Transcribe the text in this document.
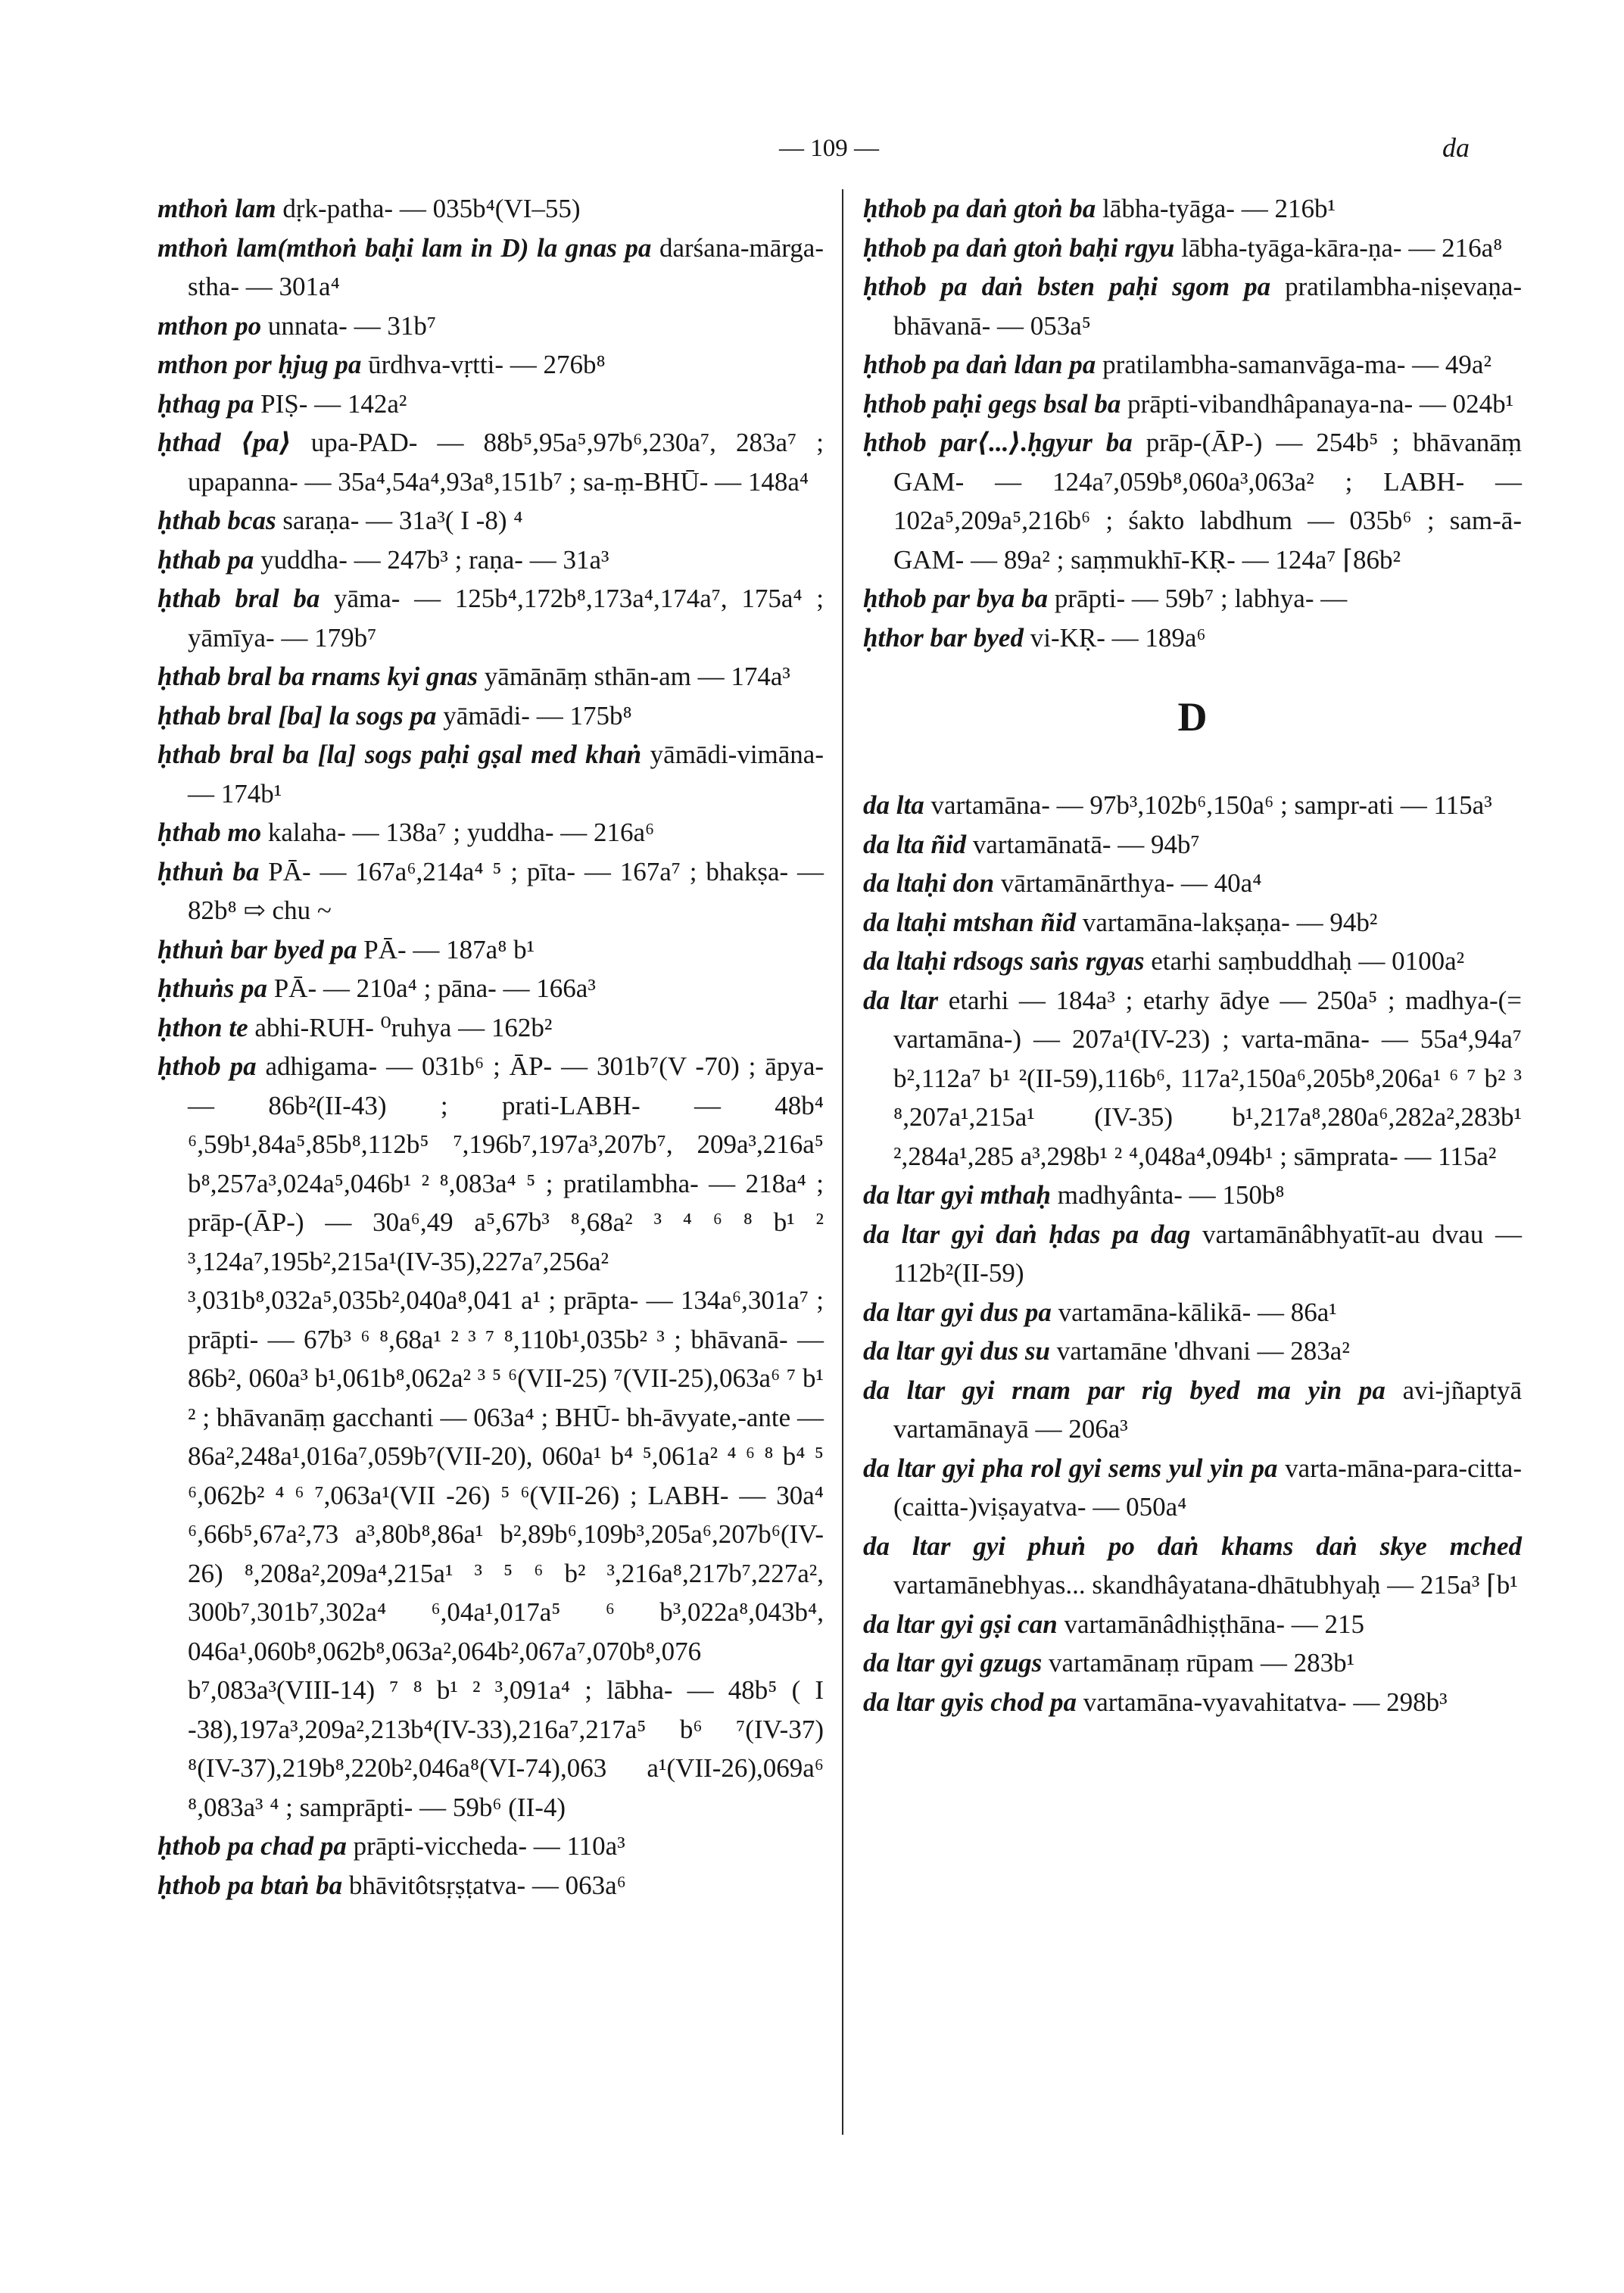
— 109 —	da

mthoṅ lam dṛk-patha- — 035b⁴(VI–55)

mthoṅ lam(mthoṅ baḥi lam in D) la gnas pa darśana-mārga-stha- — 301a⁴

mthon po unnata- — 31b⁷

mthon por ḥjug pa ūrdhva-vṛtti- — 276b⁸

ḥthag pa PIṢ- — 142a²

ḥthad ⟨pa⟩ upa-PAD- — 88b⁵,95a⁵,97b⁶,230a⁷, 283a⁷ ; upapanna- — 35a⁴,54a⁴,93a⁸,151b⁷ ; sa-ṃ-BHŪ- — 148a⁴

ḥthab bcas saraṇa- — 31a³( I -8) ⁴

ḥthab pa yuddha- — 247b³ ; raṇa- — 31a³

ḥthab bral ba yāma- — 125b⁴,172b⁸,173a⁴,174a⁷, 175a⁴ ; yāmīya- — 179b⁷

ḥthab bral ba rnams kyi gnas yāmānāṃ sthān-am — 174a³

ḥthab bral [ba] la sogs pa yāmādi- — 175b⁸

ḥthab bral ba [la] sogs paḥi gṣal med khaṅ yāmādi-vimāna- — 174b¹

ḥthab mo kalaha- — 138a⁷ ; yuddha- — 216a⁶

ḥthuṅ ba PĀ- — 167a⁶,214a⁴ ⁵ ; pīta- — 167a⁷ ; bhakṣa- — 82b⁸ ⇨ chu ~

ḥthuṅ bar byed pa PĀ- — 187a⁸ b¹

ḥthuṅs pa PĀ- — 210a⁴ ; pāna- — 166a³

ḥthon te abhi-RUH- ⁰ruhya — 162b²

ḥthob pa adhigama- — 031b⁶ ; ĀP- — 301b⁷(V -70) ; āpya- — 86b²(II-43) ; prati-LABH- — 48b⁴ ⁶,59b¹,84a⁵,85b⁸,112b⁵ ⁷,196b⁷,197a³,207b⁷, 209a³,216a⁵ b⁸,257a³,024a⁵,046b¹ ² ⁸,083a⁴ ⁵ ; pratilambha- — 218a⁴ ; prāp-(ĀP-) — 30a⁶,49 a⁵,67b³ ⁸,68a² ³ ⁴ ⁶ ⁸ b¹ ² ³,124a⁷,195b²,215a¹(IV-35),227a⁷,256a² ³,031b⁸,032a⁵,035b²,040a⁸,041 a¹ ; prāpta- — 134a⁶,301a⁷ ; prāpti- — 67b³ ⁶ ⁸,68a¹ ² ³ ⁷ ⁸,110b¹,035b² ³ ; bhāvanā- — 86b², 060a³ b¹,061b⁸,062a² ³ ⁵ ⁶(VII-25) ⁷(VII-25),063a⁶ ⁷ b¹ ² ; bhāvanāṃ gacchanti — 063a⁴ ; BHŪ- bh-āvyate,-ante — 86a²,248a¹,016a⁷,059b⁷(VII-20), 060a¹ b⁴ ⁵,061a² ⁴ ⁶ ⁸ b⁴ ⁵ ⁶,062b² ⁴ ⁶ ⁷,063a¹(VII -26) ⁵ ⁶(VII-26) ; LABH- — 30a⁴ ⁶,66b⁵,67a²,73 a³,80b⁸,86a¹ b²,89b⁶,109b³,205a⁶,207b⁶(IV-26) ⁸,208a²,209a⁴,215a¹ ³ ⁵ ⁶ b² ³,216a⁸,217b⁷,227a², 300b⁷,301b⁷,302a⁴ ⁶,04a¹,017a⁵ ⁶ b³,022a⁸,043b⁴, 046a¹,060b⁸,062b⁸,063a²,064b²,067a⁷,070b⁸,076 b⁷,083a³(VIII-14) ⁷ ⁸ b¹ ² ³,091a⁴ ; lābha- — 48b⁵ ( I -38),197a³,209a²,213b⁴(IV-33),216a⁷,217a⁵ b⁶ ⁷(IV-37) ⁸(IV-37),219b⁸,220b²,046a⁸(VI-74),063 a¹(VII-26),069a⁶ ⁸,083a³ ⁴ ; samprāpti- — 59b⁶ (II-4)

ḥthob pa chad pa prāpti-viccheda- — 110a³

ḥthob pa btaṅ ba bhāvitôtsṛṣṭatva- — 063a⁶

ḥthob pa daṅ gtoṅ ba lābha-tyāga- — 216b¹

ḥthob pa daṅ gtoṅ baḥi rgyu lābha-tyāga-kāra-ṇa- — 216a⁸

ḥthob pa daṅ bsten paḥi sgom pa pratilambha-niṣevaṇa-bhāvanā- — 053a⁵

ḥthob pa daṅ ldan pa pratilambha-samanvāga-ma- — 49a²

ḥthob paḥi gegs bsal ba prāpti-vibandhâpanaya-na- — 024b¹

ḥthob par⟨...⟩.ḥgyur ba prāp-(ĀP-) — 254b⁵ ; bhāvanāṃ GAM- — 124a⁷,059b⁸,060a³,063a² ; LABH- — 102a⁵,209a⁵,216b⁶ ; śakto labdhum — 035b⁶ ; sam-ā-GAM- — 89a² ; saṃmukhī-KṚ- — 124a⁷ ⌈86b²

ḥthob par bya ba prāpti- — 59b⁷ ; labhya- —

ḥthor bar byed vi-KṚ- — 189a⁶

D

da lta vartamāna- — 97b³,102b⁶,150a⁶ ; sampr-ati — 115a³

da lta ñid vartamānatā- — 94b⁷

da ltaḥi don vārtamānārthya- — 40a⁴

da ltaḥi mtshan ñid vartamāna-lakṣaṇa- — 94b²

da ltaḥi rdsogs saṅs rgyas etarhi saṃbuddhaḥ — 0100a²

da ltar etarhi — 184a³ ; etarhy ādye — 250a⁵ ; madhya-(= vartamāna-) — 207a¹(IV-23) ; varta-māna- — 55a⁴,94a⁷ b²,112a⁷ b¹ ²(II-59),116b⁶, 117a²,150a⁶,205b⁸,206a¹ ⁶ ⁷ b² ³ ⁸,207a¹,215a¹ (IV-35) b¹,217a⁸,280a⁶,282a²,283b¹ ²,284a¹,285 a³,298b¹ ² ⁴,048a⁴,094b¹ ; sāmprata- — 115a²

da ltar gyi mthaḥ madhyânta- — 150b⁸

da ltar gyi daṅ ḥdas pa dag vartamānâbhyatīt-au dvau — 112b²(II-59)

da ltar gyi dus pa vartamāna-kālikā- — 86a¹

da ltar gyi dus su vartamāne 'dhvani — 283a²

da ltar gyi rnam par rig byed ma yin pa avi-jñaptyā vartamānayā — 206a³

da ltar gyi pha rol gyi sems yul yin pa varta-māna-para-citta-(caitta-)viṣayatva- — 050a⁴

da ltar gyi phuṅ po daṅ khams daṅ skye mched vartamānebhyas... skandhâyatana-dhātubhyaḥ — 215a³ ⌈b¹

da ltar gyi gṣi can vartamānâdhiṣṭhāna- — 215

da ltar gyi gzugs vartamānaṃ rūpam — 283b¹

da ltar gyis chod pa vartamāna-vyavahitatva- — 298b³
